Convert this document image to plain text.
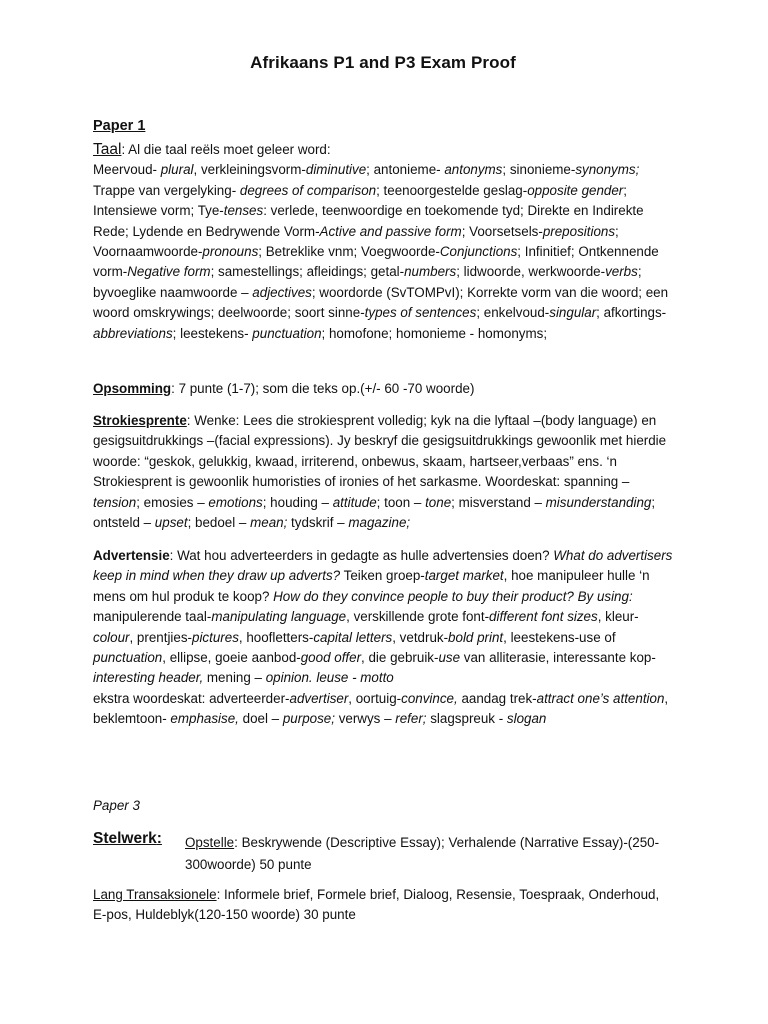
Afrikaans P1 and P3 Exam Proof
Paper 1
Taal: Al die taal reëls moet geleer word:
Meervoud- plural, verkleiningsvorm-diminutive; antonieme- antonyms; sinonieme-synonyms; Trappe van vergelyking- degrees of comparison; teenoorgestelde geslag-opposite gender; Intensiewe vorm; Tye-tenses: verlede, teenwoordige en toekomende tyd; Direkte en Indirekte Rede; Lydende en Bedrywende Vorm-Active and passive form; Voorsetsels-prepositions; Voornaamwoorde-pronouns; Betreklike vnm; Voegwoorde-Conjunctions; Infinitief; Ontkennende vorm-Negative form; samestellings; afleidings; getal-numbers; lidwoorde, werkwoorde-verbs; byvoeglike naamwoorde – adjectives; woordorde (SvTOMPvI); Korrekte vorm van die woord; een woord omskrywings; deelwoorde; soort sinne-types of sentences; enkelvoud-singular; afkortings-abbreviations; leestekens- punctuation; homofone; homonieme - homonyms;
Opsomming: 7 punte (1-7); som die teks op.(+/- 60 -70 woorde)
Strokiesprente: Wenke: Lees die strokiesprent volledig; kyk na die lyftaal –(body language) en gesigsuitdrukkings –(facial expressions). Jy beskryf die gesigsuitdrukkings gewoonlik met hierdie woorde: “geskok, gelukkig, kwaad, irriterend, onbewus, skaam, hartseer,verbaas” ens. ‘n Strokiesprent is gewoonlik humoristies of ironies of het sarkasme. Woordeskat: spanning – tension; emosies – emotions; houding – attitude; toon – tone; misverstand – misunderstanding; ontsteld – upset; bedoel – mean; tydskrif – magazine;
Advertensie: Wat hou adverteerders in gedagte as hulle advertensies doen? What do advertisers keep in mind when they draw up adverts? Teiken groep-target market, hoe manipuleer hulle ‘n mens om hul produk te koop? How do they convince people to buy their product? By using: manipulerende taal-manipulating language, verskillende grote font-different font sizes, kleur-colour, prentjies-pictures, hoofletters-capital letters, vetdruk-bold print, leestekens-use of punctuation, ellipse, goeie aanbod-good offer, die gebruik-use van alliterasie, interessante kop-interesting header, mening – opinion. leuse - motto
ekstra woordeskat: adverteerder-advertiser, oortuig-convince, aandag trek-attract one’s attention, beklemtoon- emphasise, doel – purpose; verwys – refer; slagspreuk - slogan
Paper 3
Stelwerk: Opstelle: Beskrywende (Descriptive Essay); Verhalende (Narrative Essay)-(250-300woorde) 50 punte
Lang Transaksionele: Informele brief, Formele brief, Dialoog, Resensie, Toespraak, Onderhoud, E-pos, Huldeblyk(120-150 woorde) 30 punte
